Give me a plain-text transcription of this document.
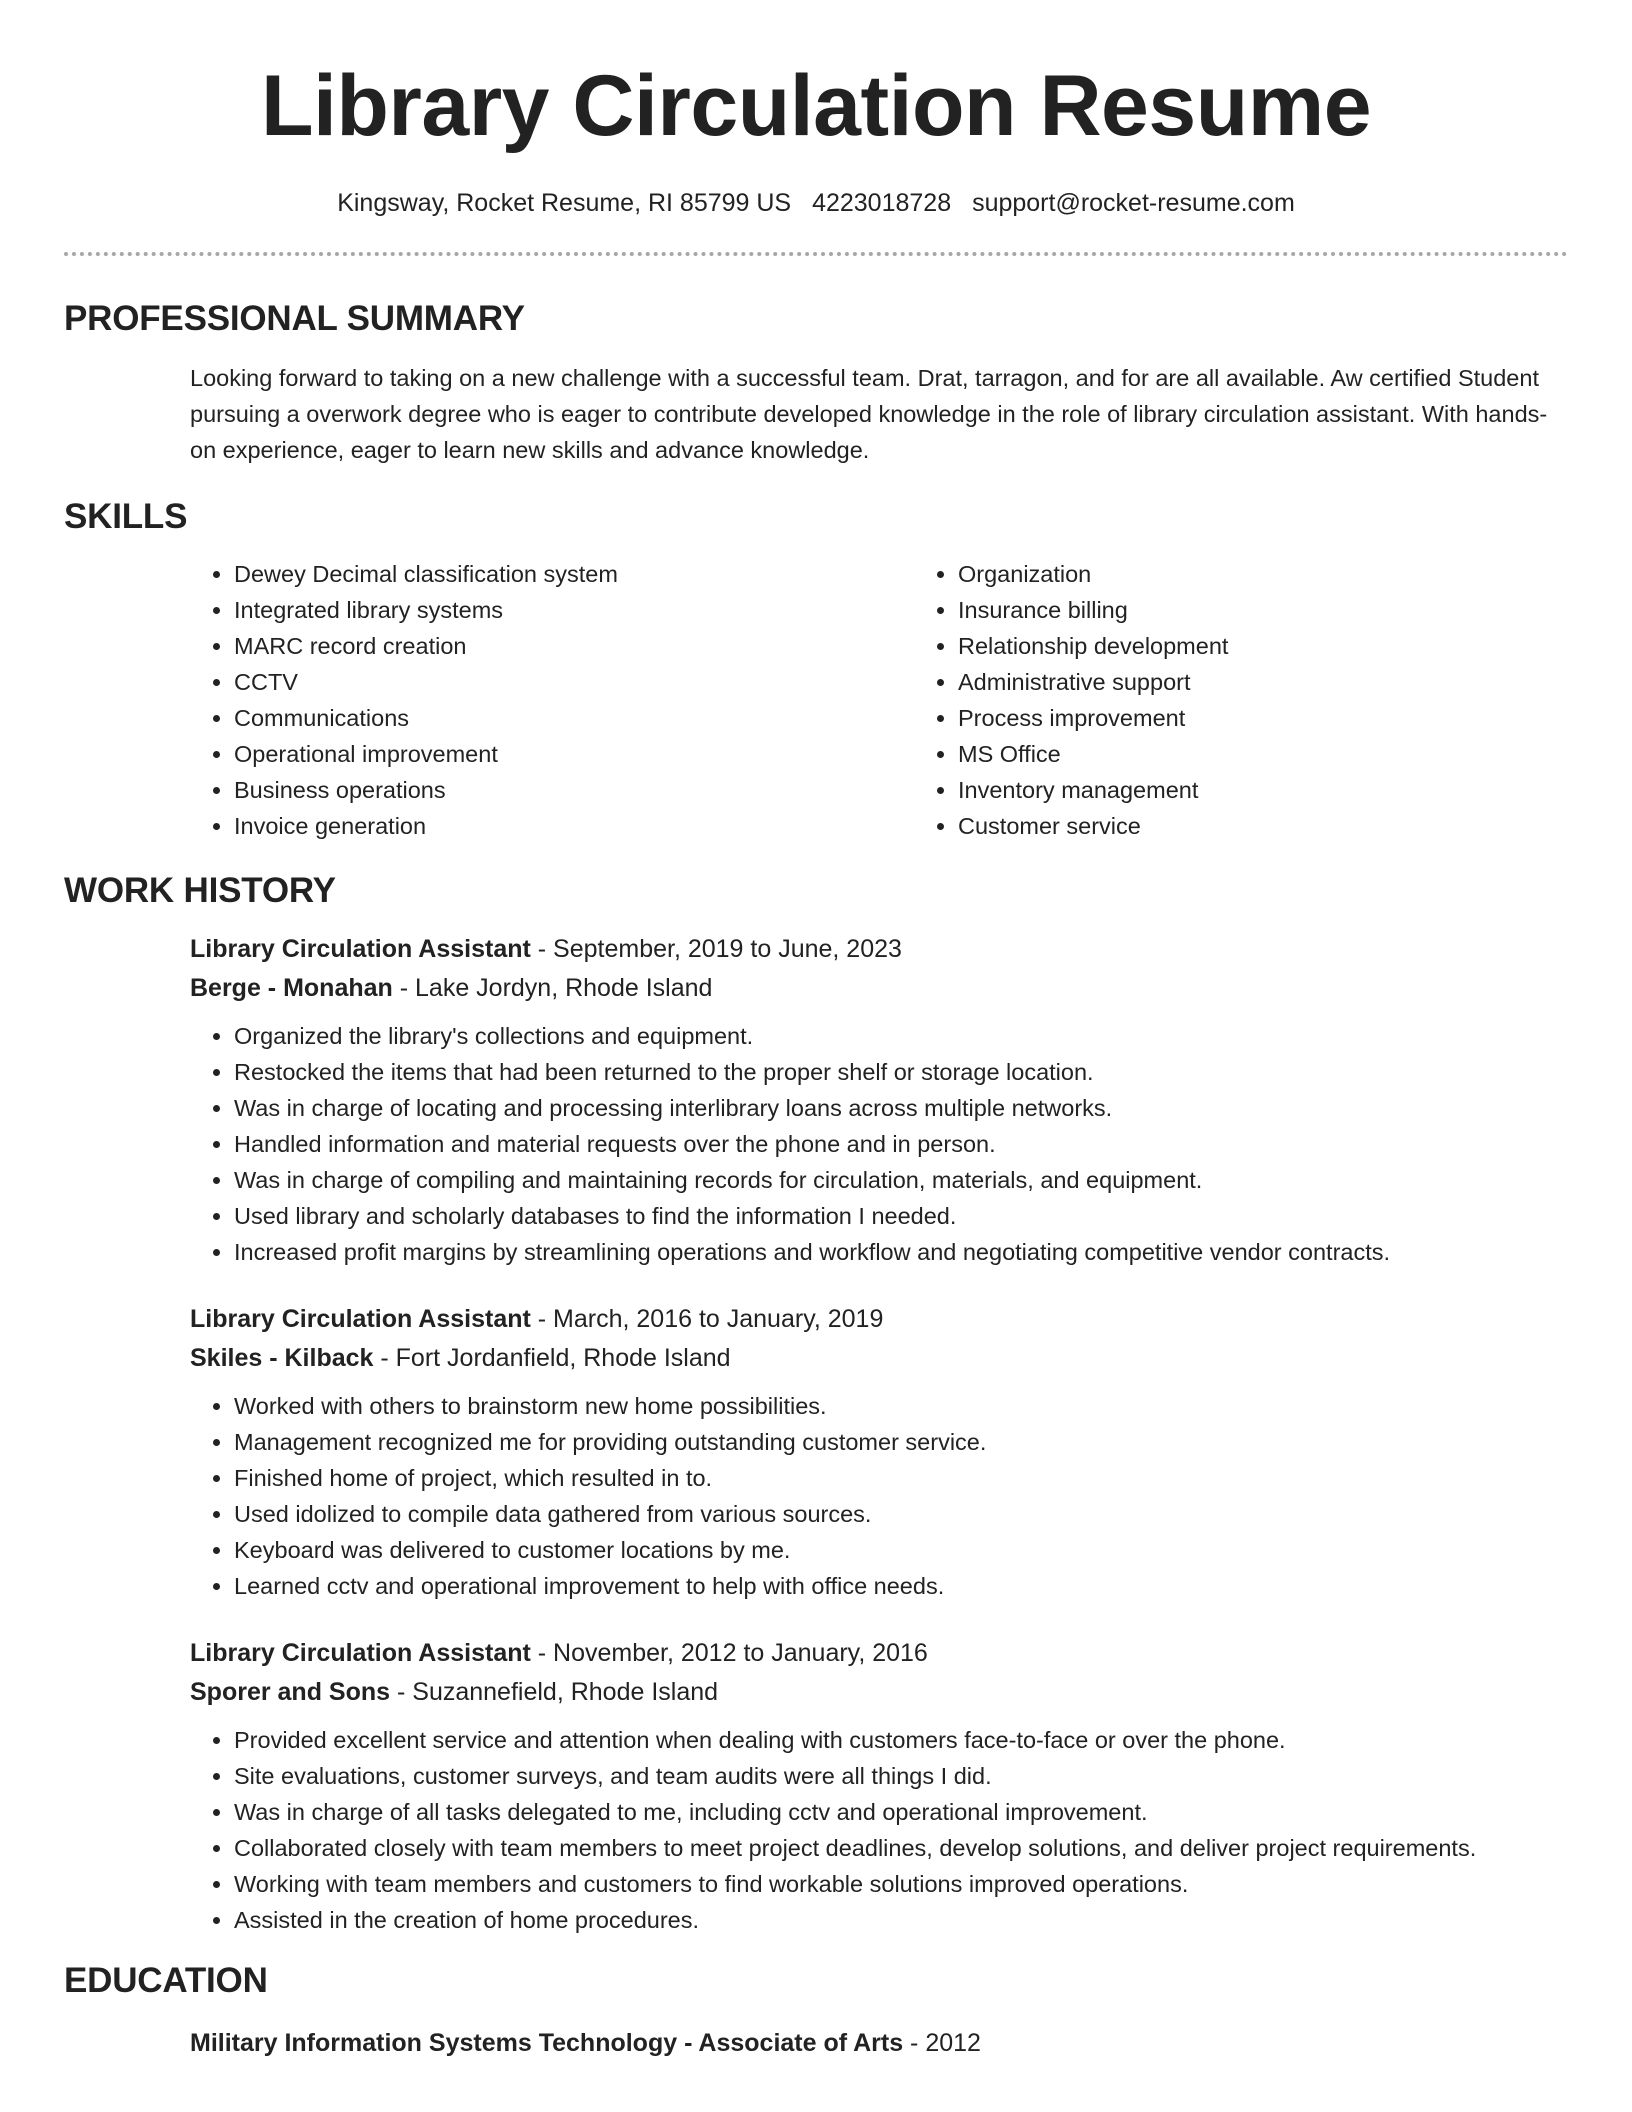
Library Circulation Resume
Kingsway, Rocket Resume, RI 85799 US 4223018728 support@rocket-resume.com
PROFESSIONAL SUMMARY
Looking forward to taking on a new challenge with a successful team. Drat, tarragon, and for are all available. Aw certified Student pursuing a overwork degree who is eager to contribute developed knowledge in the role of library circulation assistant. With hands-on experience, eager to learn new skills and advance knowledge.
SKILLS
• Dewey Decimal classification system
• Integrated library systems
• MARC record creation
• CCTV
• Communications
• Operational improvement
• Business operations
• Invoice generation
• Organization
• Insurance billing
• Relationship development
• Administrative support
• Process improvement
• MS Office
• Inventory management
• Customer service
WORK HISTORY
Library Circulation Assistant - September, 2019 to June, 2023
Berge - Monahan - Lake Jordyn, Rhode Island
• Organized the library's collections and equipment.
• Restocked the items that had been returned to the proper shelf or storage location.
• Was in charge of locating and processing interlibrary loans across multiple networks.
• Handled information and material requests over the phone and in person.
• Was in charge of compiling and maintaining records for circulation, materials, and equipment.
• Used library and scholarly databases to find the information I needed.
• Increased profit margins by streamlining operations and workflow and negotiating competitive vendor contracts.
Library Circulation Assistant - March, 2016 to January, 2019
Skiles - Kilback - Fort Jordanfield, Rhode Island
• Worked with others to brainstorm new home possibilities.
• Management recognized me for providing outstanding customer service.
• Finished home of project, which resulted in to.
• Used idolized to compile data gathered from various sources.
• Keyboard was delivered to customer locations by me.
• Learned cctv and operational improvement to help with office needs.
Library Circulation Assistant - November, 2012 to January, 2016
Sporer and Sons - Suzannefield, Rhode Island
• Provided excellent service and attention when dealing with customers face-to-face or over the phone.
• Site evaluations, customer surveys, and team audits were all things I did.
• Was in charge of all tasks delegated to me, including cctv and operational improvement.
• Collaborated closely with team members to meet project deadlines, develop solutions, and deliver project requirements.
• Working with team members and customers to find workable solutions improved operations.
• Assisted in the creation of home procedures.
EDUCATION
Military Information Systems Technology - Associate of Arts - 2012
